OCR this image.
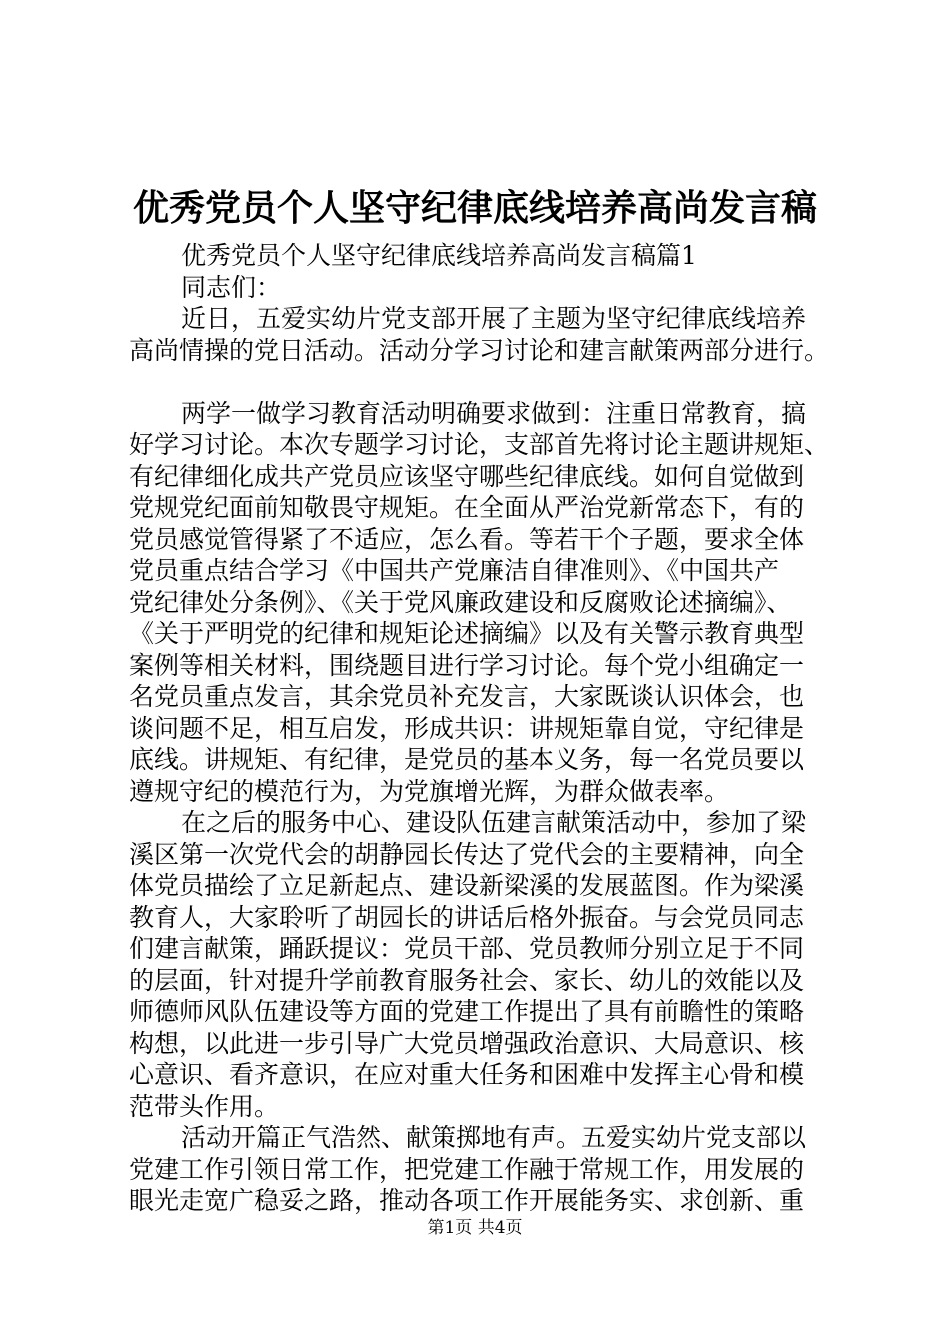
优秀党员个人坚守纪律底线培养高尚发言稿
优秀党员个人坚守纪律底线培养高尚发言稿篇1
同志们：
近日，五爱实幼片党支部开展了主题为坚守纪律底线培养
高尚情操的党日活动。活动分学习讨论和建言献策两部分进行。
两学一做学习教育活动明确要求做到：注重日常教育，搞
好学习讨论。本次专题学习讨论，支部首先将讨论主题讲规矩、
有纪律细化成共产党员应该坚守哪些纪律底线。如何自觉做到
党规党纪面前知敬畏守规矩。在全面从严治党新常态下，有的
党员感觉管得紧了不适应，怎么看。等若干个子题，要求全体
党员重点结合学习《中国共产党廉洁自律准则》、《中国共产
党纪律处分条例》、《关于党风廉政建设和反腐败论述摘编》、
《关于严明党的纪律和规矩论述摘编》以及有关警示教育典型
案例等相关材料，围绕题目进行学习讨论。每个党小组确定一
名党员重点发言，其余党员补充发言，大家既谈认识体会，也
谈问题不足，相互启发，形成共识：讲规矩靠自觉，守纪律是
底线。讲规矩、有纪律，是党员的基本义务，每一名党员要以
遵规守纪的模范行为，为党旗增光辉，为群众做表率。
在之后的服务中心、建设队伍建言献策活动中，参加了梁
溪区第一次党代会的胡静园长传达了党代会的主要精神，向全
体党员描绘了立足新起点、建设新梁溪的发展蓝图。作为梁溪
教育人，大家聆听了胡园长的讲话后格外振奋。与会党员同志
们建言献策，踊跃提议：党员干部、党员教师分别立足于不同
的层面，针对提升学前教育服务社会、家长、幼儿的效能以及
师德师风队伍建设等方面的党建工作提出了具有前瞻性的策略
构想，以此进一步引导广大党员增强政治意识、大局意识、核
心意识、看齐意识，在应对重大任务和困难中发挥主心骨和模
范带头作用。
活动开篇正气浩然、献策掷地有声。五爱实幼片党支部以
党建工作引领日常工作，把党建工作融于常规工作，用发展的
眼光走宽广稳妥之路，推动各项工作开展能务实、求创新、重
第1页 共4页
